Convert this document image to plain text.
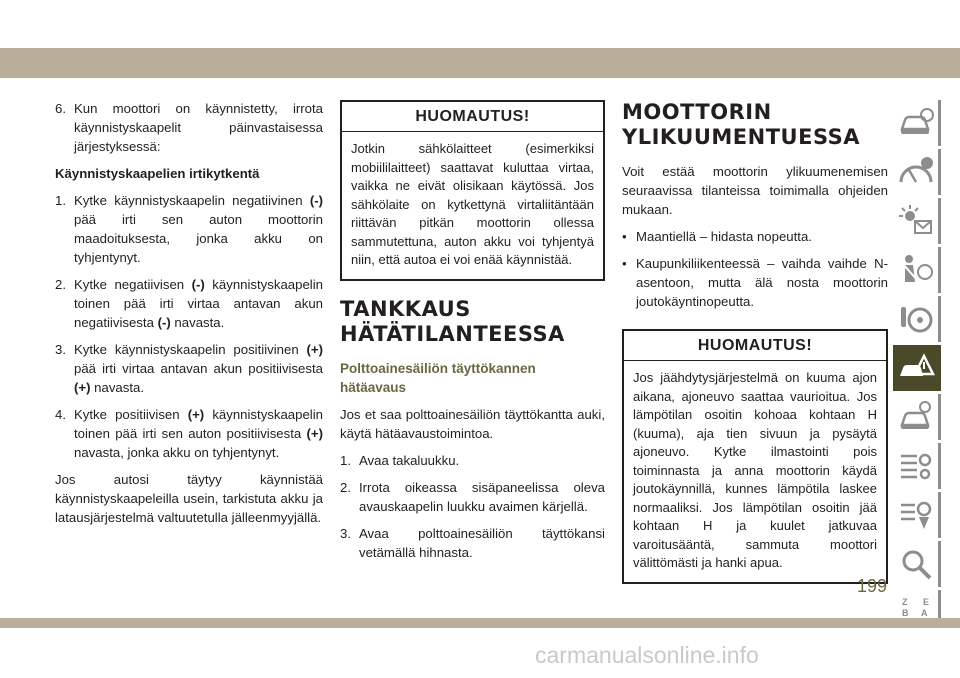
6. Kun moottori on käynnistetty, irrota käynnistyskaapelit päinvastaisessa järjestyksessä:

Käynnistyskaapelien irtikytkentä

1. Kytke käynnistyskaapelin negatiivinen (-) pää irti sen auton moottorin maadoituksesta, jonka akku on tyhjentynyt.
2. Kytke negatiivisen (-) käynnistyskaapelin toinen pää irti virtaa antavan akun negatiivisesta (-) navasta.
3. Kytke käynnistyskaapelin positiivinen (+) pää irti virtaa antavan akun positiivisesta (+) navasta.
4. Kytke positiivisen (+) käynnistyskaapelin toinen pää irti sen auton positiivisesta (+) navasta, jonka akku on tyhjentynyt.

Jos autosi täytyy käynnistää käynnistyskaapeleilla usein, tarkistuta akku ja latausjärjestelmä valtuutetulla jälleenmyyjällä.

HUOMAUTUS!
Jotkin sähkölaitteet (esimerkiksi mobiililaitteet) saattavat kuluttaa virtaa, vaikka ne eivät olisikaan käytössä. Jos sähkölaite on kytkettynä virtaliitäntään riittävän pitkän moottorin ollessa sammutettuna, auton akku voi tyhjentyä niin, että autoa ei voi enää käynnistää.
TANKKAUS
HÄTÄTILANTEESSA

Polttoainesäiliön täyttökannen hätäavaus

Jos et saa polttoainesäiliön täyttökantta auki, käytä hätäavaustoimintoa.

1. Avaa takaluukku.
2. Irrota oikeassa sisäpaneelissa oleva avauskaapelin luukku avaimen kärjellä.
3. Avaa polttoainesäiliön täyttökansi vetämällä hihnasta.
MOOTTORIN
YLIKUUMENTUESSA

Voit estää moottorin ylikuumenemisen seuraavissa tilanteissa toimimalla ohjeiden mukaan.

• Maantiellä – hidasta nopeutta.
• Kaupunkiliikenteessä – vaihda vaihde N-asentoon, mutta älä nosta moottorin joutokäyntinopeutta.
HUOMAUTUS!
Jos jäähdytysjärjestelmä on kuuma ajon aikana, ajoneuvo saattaa vaurioitua. Jos lämpötilan osoitin kohoaa kohtaan H (kuuma), aja tien sivuun ja pysäytä ajoneuvo. Kytke ilmastointi pois toiminnasta ja anna moottorin käydä joutokäynnillä, kunnes lämpötila laskee normaaliksi. Jos lämpötilan osoitin jää kohtaan H ja kuulet jatkuvaa varoitusääntä, sammuta moottori välittömästi ja hanki apua.
Z E
B A
199
carmanualsonline.info
